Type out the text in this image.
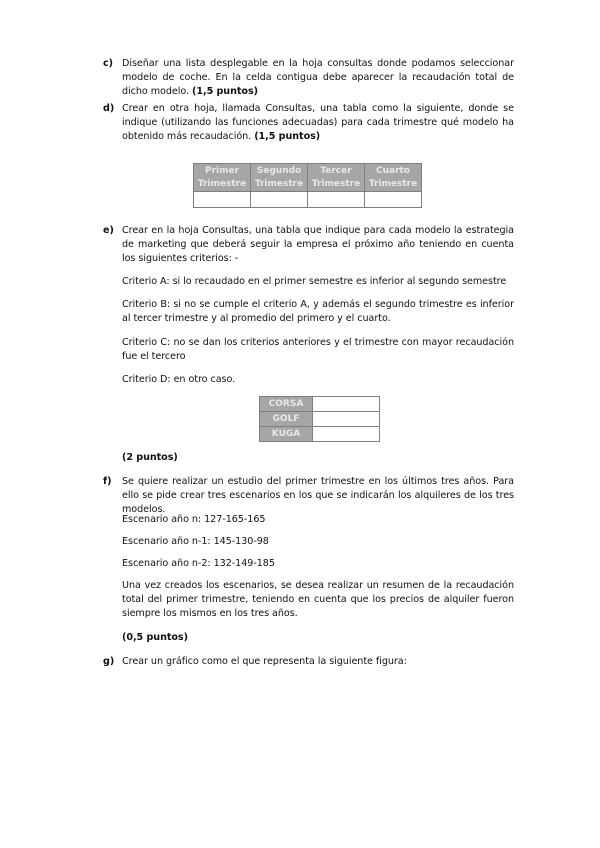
c) Diseñar una lista desplegable en la hoja consultas donde podamos seleccionar modelo de coche. En la celda contigua debe aparecer la recaudación total de dicho modelo. (1,5 puntos)
d) Crear en otra hoja, llamada Consultas, una tabla como la siguiente, donde se indique (utilizando las funciones adecuadas) para cada trimestre qué modelo ha obtenido más recaudación. (1,5 puntos)
Primer Trimestre	Segundo Trimestre	Tercer Trimestre	Cuarto Trimestre

e) Crear en la hoja Consultas, una tabla que indique para cada modelo la estrategia de marketing que deberá seguir la empresa el próximo año teniendo en cuenta los siguientes criterios: -
Criterio A: si lo recaudado en el primer semestre es inferior al segundo semestre
Criterio B: si no se cumple el criterio A, y además el segundo trimestre es inferior al tercer trimestre y al promedio del primero y el cuarto.
Criterio C: no se dan los criterios anteriores y el trimestre con mayor recaudación fue el tercero
Criterio D: en otro caso.
CORSA	
GOLF	
KUGA	
(2 puntos)
f) Se quiere realizar un estudio del primer trimestre en los últimos tres años. Para ello se pide crear tres escenarios en los que se indicarán los alquileres de los tres modelos.
Escenario año n: 127-165-165
Escenario año n-1: 145-130-98
Escenario año n-2: 132-149-185
Una vez creados los escenarios, se desea realizar un resumen de la recaudación total del primer trimestre, teniendo en cuenta que los precios de alquiler fueron siempre los mismos en los tres años.
(0,5 puntos)
g) Crear un gráfico como el que representa la siguiente figura:
